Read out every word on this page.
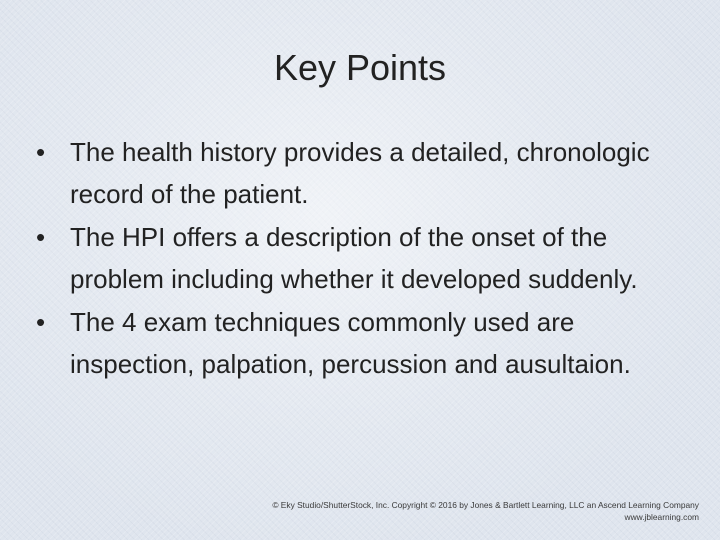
Key Points
• The health history provides a detailed, chronologic record of the patient.
• The HPI offers a description of the onset of the problem including whether it developed suddenly.
• The 4 exam techniques commonly used are inspection, palpation, percussion and ausultaion.
© Eky Studio/ShutterStock, Inc. Copyright © 2016 by Jones & Bartlett Learning, LLC an Ascend Learning Company
www.jblearning.com
